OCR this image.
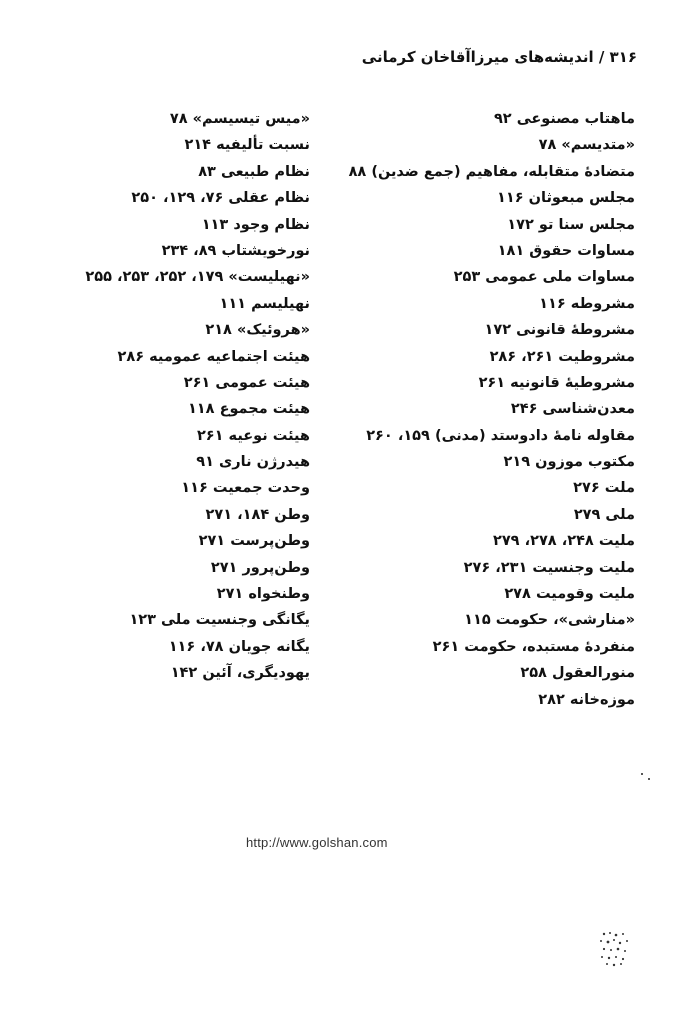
۳۱۶ / اندیشه‌های میرزاآقاخان کرمانی
ماهتاب مصنوعی ۹۲
«متدیسم» ۷۸
متضادهٔ متقابله، مفاهیم (جمع ضدین) ۸۸
مجلس مبعوثان ۱۱۶
مجلس سنا تو ۱۷۲
مساوات حقوق ۱۸۱
مساوات ملی عمومی ۲۵۳
مشروطه ۱۱۶
مشروطهٔ قانونی ۱۷۲
مشروطیت ۲۶۱، ۲۸۶
مشروطیهٔ قانونیه ۲۶۱
معدن‌شناسی ۲۴۶
مقاوله نامهٔ دادوستد (مدنی) ۱۵۹، ۲۶۰
مکتوب موزون ۲۱۹
ملت ۲۷۶
ملی ۲۷۹
ملیت ۲۴۸، ۲۷۸، ۲۷۹
ملیت وجنسیت ۲۳۱، ۲۷۶
ملیت وقومیت ۲۷۸
«منارشی»، حکومت ۱۱۵
منفردهٔ مستبده، حکومت ۲۶۱
منورالعقول ۲۵۸
موزه‌خانه ۲۸۲
«میس تیسیسم» ۷۸
نسبت تألیفیه ۲۱۴
نظام طبیعی ۸۳
نظام عقلی ۷۶، ۱۲۹، ۲۵۰
نظام وجود ۱۱۳
نورخویشتاب ۸۹، ۲۳۴
«نهیلیست» ۱۷۹، ۲۵۲، ۲۵۳، ۲۵۵
نهیلیسم ۱۱۱
«هروئیک» ۲۱۸
هیئت اجتماعیه عمومیه ۲۸۶
هیئت عمومی ۲۶۱
هیئت مجموع ۱۱۸
هیئت نوعیه ۲۶۱
هیدرژن ناری ۹۱
وحدت جمعیت ۱۱۶
وطن ۱۸۴، ۲۷۱
وطن‌پرست ۲۷۱
وطن‌پرور ۲۷۱
وطنخواه ۲۷۱
یگانگی وجنسیت ملی ۱۲۳
یگانه جویان ۷۸، ۱۱۶
یهودیگری، آئین ۱۴۲
http://www.golshan.com
